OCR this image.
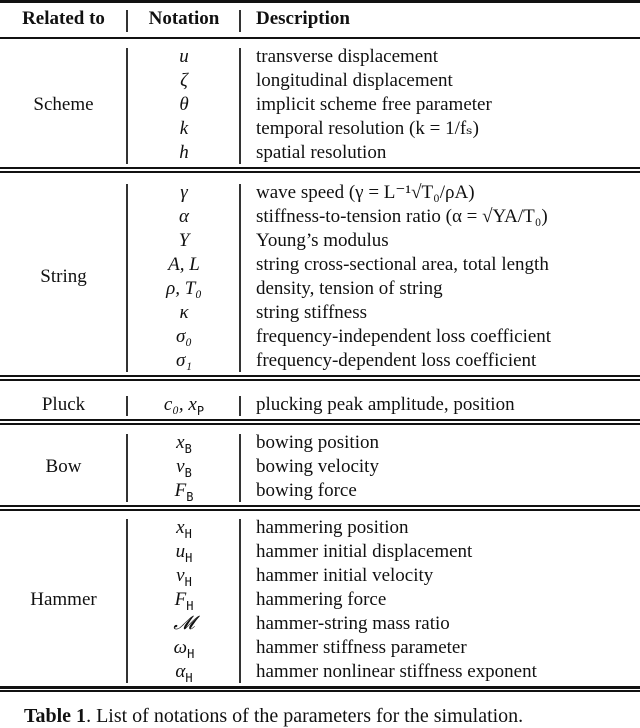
Related to	Notation	Description
Scheme
u	transverse displacement
ζ	longitudinal displacement
θ	implicit scheme free parameter
k	temporal resolution (k = 1/fₛ)
h	spatial resolution
String
γ	wave speed (γ = L⁻¹√T₀/ρA)
α	stiffness-to-tension ratio (α = √YA/T₀)
Y	Young’s modulus
A, L	string cross-sectional area, total length
ρ, T₀	density, tension of string
κ	string stiffness
σ₀	frequency-independent loss coefficient
σ₁	frequency-dependent loss coefficient
Pluck	c₀, $x_P$	plucking peak amplitude, position
Bow
$x_B$	bowing position
$v_B$	bowing velocity
$F_B$	bowing force
Hammer
$x_H$	hammering position
$u_H$	hammer initial displacement
$v_H$	hammer initial velocity
$F_H$	hammering force
𝓜	hammer-string mass ratio
$\omega_H$	hammer stiffness parameter
$\alpha_H$	hammer nonlinear stiffness exponent
Table 1. List of notations of the parameters for the simulation.
